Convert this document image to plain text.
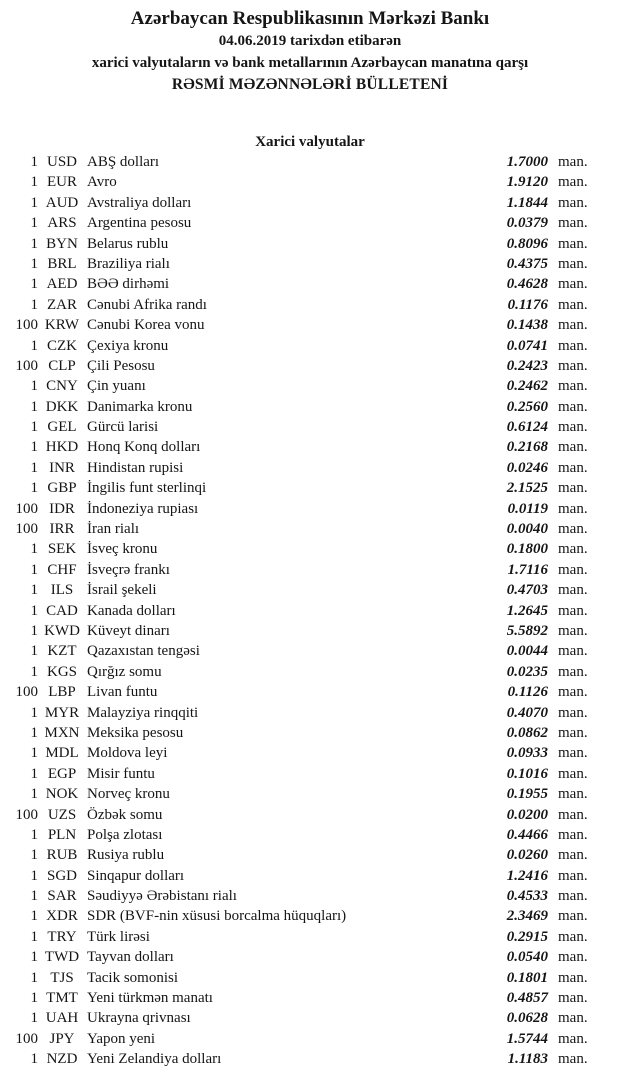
Azərbaycan Respublikasının Mərkəzi Bankı
04.06.2019 tarixdən etibarən
xarici valyutaların və bank metallarının Azərbaycan manatına qarşı
RƏSMİ MƏZƏNNƏLƏRİ BÜLLETENİ
Xarici valyutalar
1 USD ABŞ dolları	1.7000 man.
1 EUR Avro	1.9120 man.
1 AUD Avstraliya dolları	1.1844 man.
1 ARS Argentina pesosu	0.0379 man.
1 BYN Belarus rublu	0.8096 man.
1 BRL Braziliya rialı	0.4375 man.
1 AED BƏƏ dirhəmi	0.4628 man.
1 ZAR Cənubi Afrika randı	0.1176 man.
100 KRW Cənubi Korea vonu	0.1438 man.
1 CZK Çexiya kronu	0.0741 man.
100 CLP Çili Pesosu	0.2423 man.
1 CNY Çin yuanı	0.2462 man.
1 DKK Danimarka kronu	0.2560 man.
1 GEL Gürcü larisi	0.6124 man.
1 HKD Honq Konq dolları	0.2168 man.
1 INR Hindistan rupisi	0.0246 man.
1 GBP İngilis funt sterlinqi	2.1525 man.
100 IDR İndoneziya rupiası	0.0119 man.
100 IRR İran rialı	0.0040 man.
1 SEK İsveç kronu	0.1800 man.
1 CHF İsveçrə frankı	1.7116 man.
1 ILS İsrail şekeli	0.4703 man.
1 CAD Kanada dolları	1.2645 man.
1 KWD Küveyt dinarı	5.5892 man.
1 KZT Qazaxıstan tengəsi	0.0044 man.
1 KGS Qırğız somu	0.0235 man.
100 LBP Livan funtu	0.1126 man.
1 MYR Malayziya rinqqiti	0.4070 man.
1 MXN Meksika pesosu	0.0862 man.
1 MDL Moldova leyi	0.0933 man.
1 EGP Misir funtu	0.1016 man.
1 NOK Norveç kronu	0.1955 man.
100 UZS Özbək somu	0.0200 man.
1 PLN Polşa zlotası	0.4466 man.
1 RUB Rusiya rublu	0.0260 man.
1 SGD Sinqapur dolları	1.2416 man.
1 SAR Səudiyyə Ərəbistanı rialı	0.4533 man.
1 XDR SDR (BVF-nin xüsusi borcalma hüquqları)	2.3469 man.
1 TRY Türk lirəsi	0.2915 man.
1 TWD Tayvan dolları	0.0540 man.
1 TJS Tacik somonisi	0.1801 man.
1 TMT Yeni türkmən manatı	0.4857 man.
1 UAH Ukrayna qrivnası	0.0628 man.
100 JPY Yapon yeni	1.5744 man.
1 NZD Yeni Zelandiya dolları	1.1183 man.
